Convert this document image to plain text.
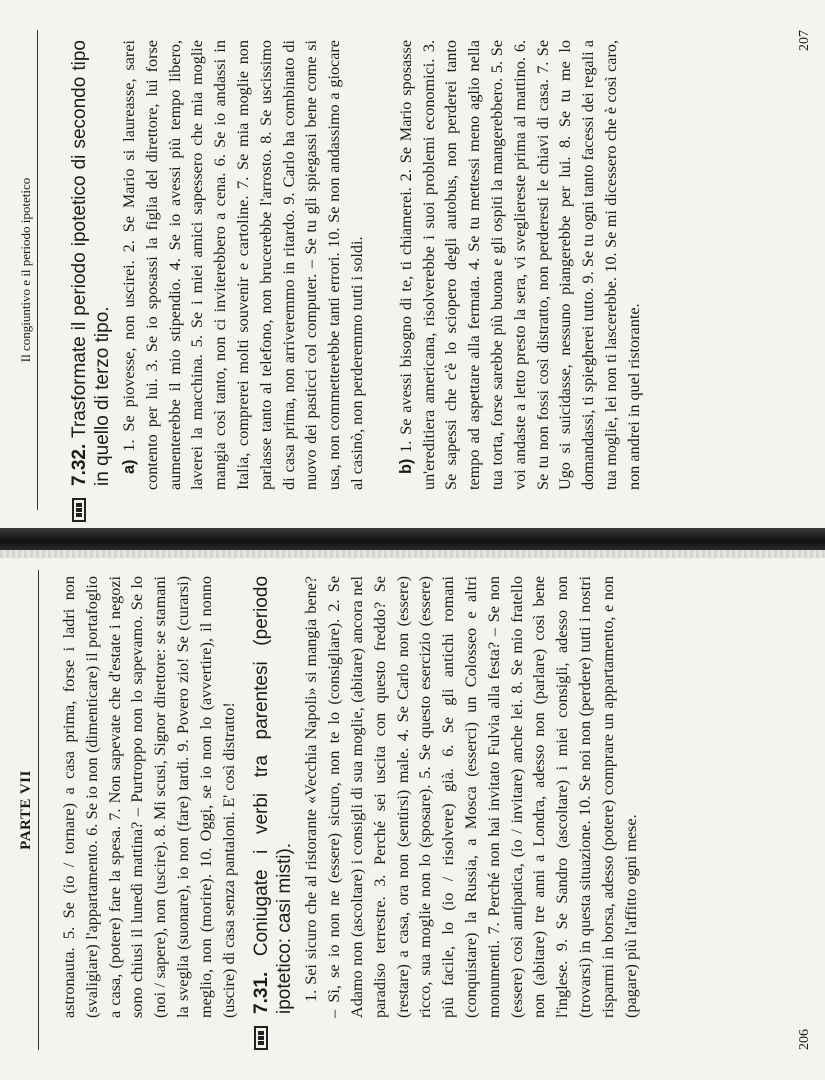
PARTE VII	astronauta. 5. Se (io / tornare) a casa prima, forse i ladri non (svaligiare) l'appartamento. 6. Se io non (dimenticare) il portafoglio a casa, (potere) fare la spesa. 7. Non sapevate che d'estate i negozi sono chiusi il lunedì mattina? – Purtroppo non lo sapevamo. Se lo (noi / sapere), non (uscire). 8. Mi scusi, Signor direttore: se stamani la sveglia (suonare), io non (fare) tardi. 9. Povero zio! Se (curarsi) meglio, non (morire). 10. Oggi, se io non lo (avvertire), il nonno (uscire) di casa senza pantaloni. E' così distratto! 7.31. Coniugate i verbi tra parentesi (periodo ipotetico: casi misti). 1. Sei sicuro che al ristorante «Vecchia Napoli» si mangia bene? – Sì, se io non ne (essere) sicuro, non te lo (consigliare). 2. Se Adamo non (ascoltare) i consigli di sua moglie, (abitare) ancora nel paradiso terrestre. 3. Perché sei uscita con questo freddo? Se (restare) a casa, ora non (sentirsi) male. 4. Se Carlo non (essere) ricco, sua moglie non lo (sposare). 5. Se questo esercizio (essere) più facile, lo (io / risolvere) già. 6. Se gli antichi romani (conquistare) la Russia, a Mosca (esserci) un Colosseo e altri monumenti. 7. Perché non hai invitato Fulvia alla festa? – Se non (essere) così antipatica, (io / invitare) anche lei. 8. Se mio fratello non (abitare) tre anni a Londra, adesso non (parlare) così bene l'inglese. 9. Se Sandro (ascoltare) i miei consigli, adesso non (trovarsi) in questa situazione. 10. Se noi non (perdere) tutti i nostri risparmi in borsa, adesso (potere) comprare un appartamento, e non (pagare) più l'affitto ogni mese.

206
Il congiuntivo e il periodo ipotetico
7.32. Trasformate il periodo ipotetico di secondo tipo in quello di terzo tipo. a) 1. Se piovesse, non uscirei. 2. Se Mario si laureasse, sarei contento per lui. 3. Se io sposassi la figlia del direttore, lui forse aumenterebbe il mio stipendio. 4. Se io avessi più tempo libero, laverei la macchina. 5. Se i miei amici sapessero che mia moglie mangia così tanto, non ci inviterebbero a cena. 6. Se io andassi in Italia, comprerei molti souvenir e cartoline. 7. Se mia moglie non parlasse tanto al telefono, non brucerebbe l'arrosto. 8. Se uscissimo di casa prima, non arriveremmo in ritardo. 9. Carlo ha combinato di nuovo dei pasticci col computer. – Se tu gli spiegassi bene come si usa, non commetterebbe tanti errori. 10. Se non andassimo a giocare al casinò, non perderemmo tutti i soldi. b) 1. Se avessi bisogno di te, ti chiamerei. 2. Se Mario sposasse un'ereditiera americana, risolverebbe i suoi problemi economici. 3. Se sapessi che c'è lo sciopero degli autobus, non perderei tanto tempo ad aspettare alla fermata. 4. Se tu mettessi meno aglio nella tua torta, forse sarebbe più buona e gli ospiti la mangerebbero. 5. Se voi andaste a letto presto la sera, vi svegliereste prima al mattino. 6. Se tu non fossi così distratto, non perderesti le chiavi di casa. 7. Se Ugo si suicidasse, nessuno piangerebbe per lui. 8. Se tu me lo domandassi, ti spiegherei tutto. 9. Se tu ogni tanto facessi dei regali a tua moglie, lei non ti lascerebbe. 10. Se mi dicessero che è così caro, non andrei in quel ristorante.

207
